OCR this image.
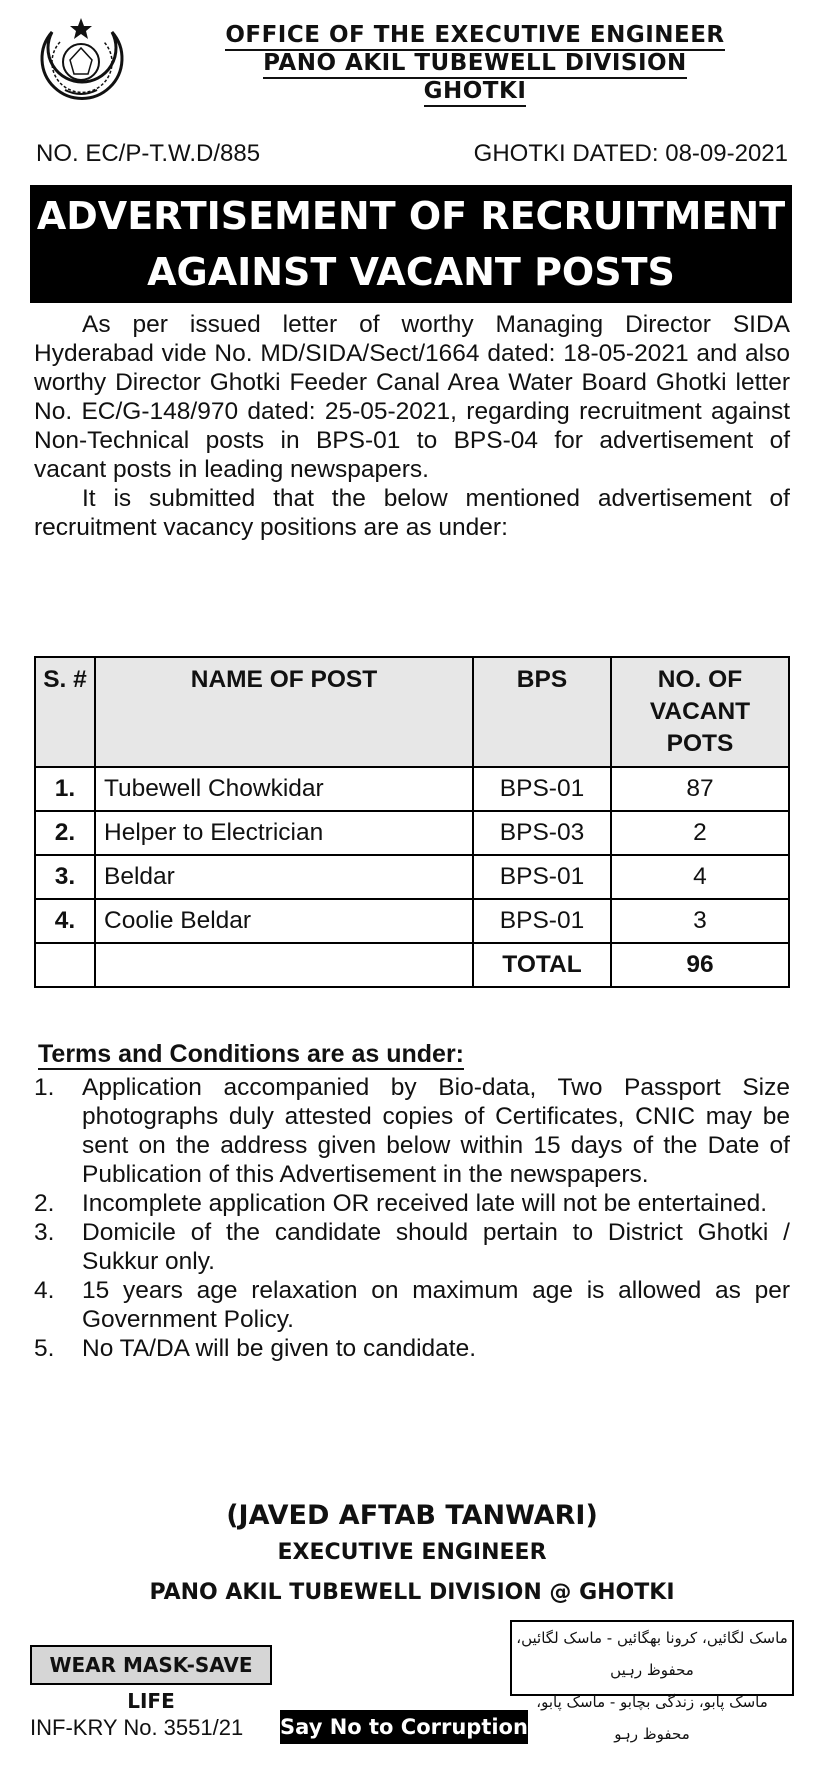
OFFICE OF THE EXECUTIVE ENGINEER
PANO AKIL TUBEWELL DIVISION
GHOTKI
NO. EC/P-T.W.D/885	GHOTKI DATED: 08-09-2021
ADVERTISEMENT OF RECRUITMENT
AGAINST VACANT POSTS

As per issued letter of worthy Managing Director SIDA Hyderabad vide No. MD/SIDA/Sect/1664 dated: 18-05-2021 and also worthy Director Ghotki Feeder Canal Area Water Board Ghotki letter No. EC/G-148/970 dated: 25-05-2021, regarding recruitment against Non-Technical posts in BPS-01 to BPS-04 for advertisement of vacant posts in leading newspapers.

It is submitted that the below mentioned advertisement of recruitment vacancy positions are as under:

S. #	NAME OF POST	BPS	NO. OF VACANT POTS
1.	Tubewell Chowkidar	BPS-01	87
2.	Helper to Electrician	BPS-03	2
3.	Beldar	BPS-01	4
4.	Coolie Beldar	BPS-01	3
		TOTAL	96
Terms and Conditions are as under:
1.	Application accompanied by Bio-data, Two Passport Size photographs duly attested copies of Certificates, CNIC may be sent on the address given below within 15 days of the Date of Publication of this Advertisement in the newspapers.
2.	Incomplete application OR received late will not be entertained.
3.	Domicile of the candidate should pertain to District Ghotki / Sukkur only.
4.	15 years age relaxation on maximum age is allowed as per Government Policy.
5.	No TA/DA will be given to candidate.
(JAVED AFTAB TANWARI)
EXECUTIVE ENGINEER
PANO AKIL TUBEWELL DIVISION @ GHOTKI
WEAR MASK-SAVE LIFE
ماسک لگائیں، کرونا بھگائیں - ماسک لگائیں، محفوظ رہیں
ماسک پابو، زندگی بچابو - ماسک پابو، محفوظ رہو
INF-KRY No. 3551/21 Say No to Corruption
